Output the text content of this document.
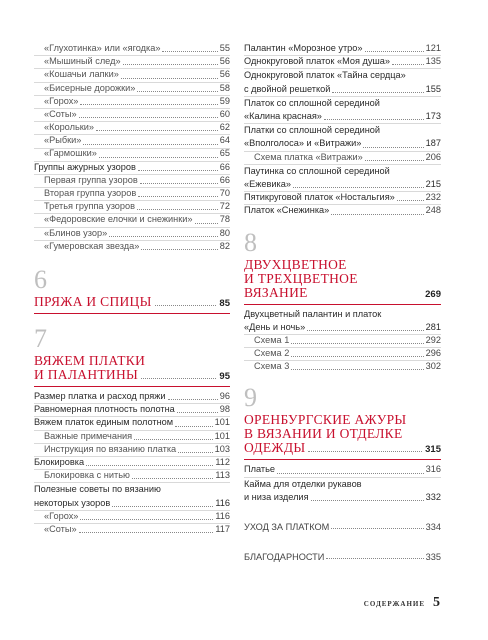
«Глухотинка» или «ягодка»	55
«Мышиный след»	56
«Кошачьи лапки»	56
«Бисерные дорожки»	58
«Горох»	59
«Соты»	60
«Корольки»	62
«Рыбки»	64
«Гармошки»	65
Группы ажурных узоров	66
Первая группа узоров	66
Вторая группа узоров	70
Третья группа узоров	72
«Федоровские елочки и снежинки»	78
«Блинов узор»	80
«Гумеровская звезда»	82
6
ПРЯЖА И СПИЦЫ	85
7
ВЯЖЕМ ПЛАТКИ
И ПАЛАНТИНЫ	95
Размер платка и расход пряжи	96
Равномерная плотность полотна	98
Вяжем платок единым полотном	101
Важные примечания	101
Инструкция по вязанию платка	103
Блокировка	112
Блокировка с нитью	113
Полезные советы по вязанию
некоторых узоров	116
«Горох»	116
«Соты»	117
Палантин «Морозное утро»	121
Однокруговой платок «Моя душа»	135
Однокруговой платок «Тайна сердца»
с двойной решеткой	155
Платок со сплошной серединой
«Калина красная»	173
Платки со сплошной серединой
«Вполголоса» и «Витражи»	187
Схема платка «Витражи»	206
Паутинка со сплошной серединой
«Ежевика»	215
Пятикруговой платок «Ностальгия»	232
Платок «Снежинка»	248
8
ДВУХЦВЕТНОЕ
И ТРЕХЦВЕТНОЕ ВЯЗАНИЕ	269
Двухцветный палантин и платок
«День и ночь»	281
Схема 1	292
Схема 2	296
Схема 3	302
9
ОРЕНБУРГСКИЕ АЖУРЫ
В ВЯЗАНИИ И ОТДЕЛКЕ
ОДЕЖДЫ	315
Платье	316
Кайма для отделки рукавов
и низа изделия	332
УХОД ЗА ПЛАТКОМ	334
БЛАГОДАРНОСТИ	335
СОДЕРЖАНИЕ 5
